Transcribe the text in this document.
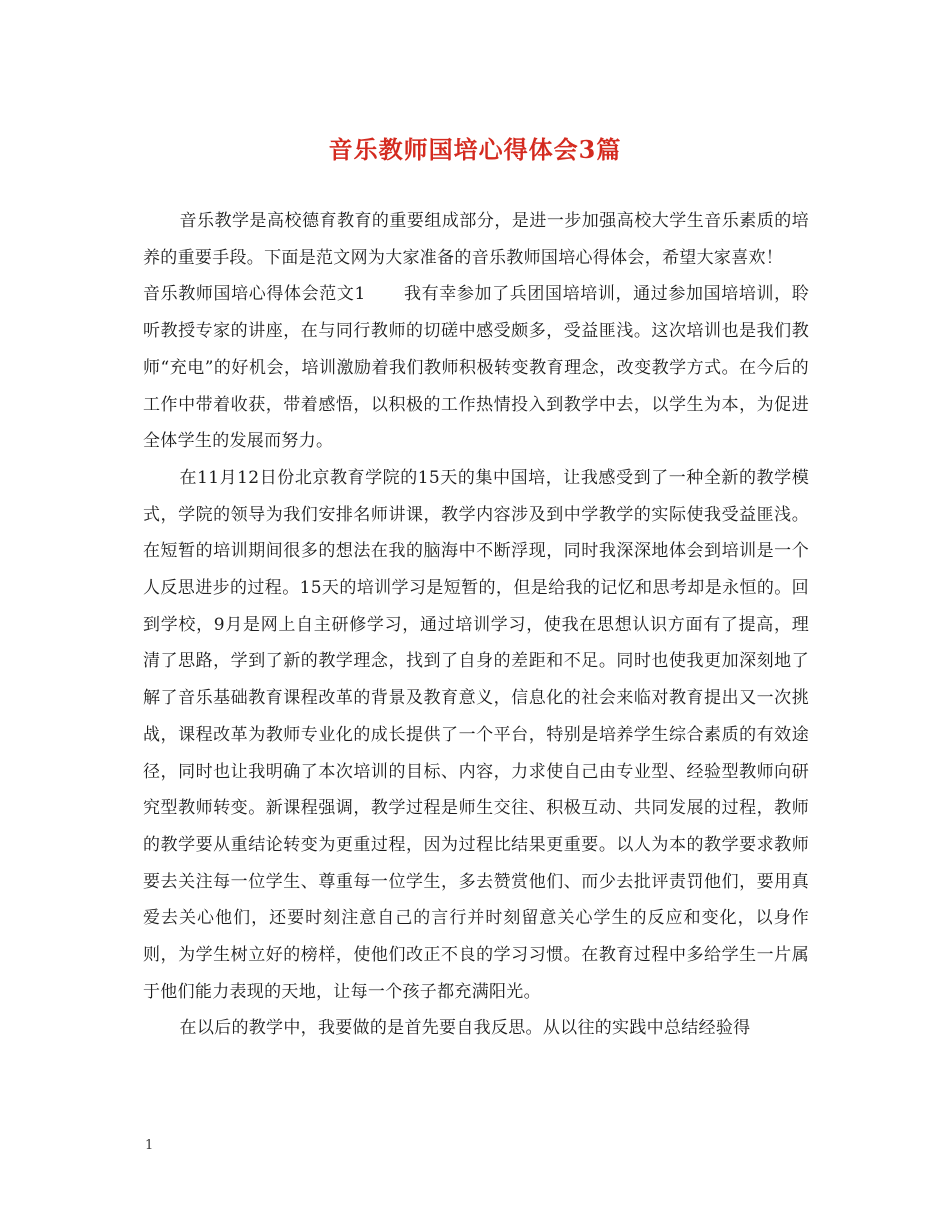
音乐教师国培心得体会3篇

音乐教学是高校德育教育的重要组成部分，是进一步加强高校大学生音乐素质的培养的重要手段。下面是范文网为大家准备的音乐教师国培心得体会，希望大家喜欢！

音乐教师国培心得体会范文1 我有幸参加了兵团国培培训，通过参加国培培训，聆听教授专家的讲座，在与同行教师的切磋中感受颇多，受益匪浅。这次培训也是我们教师“充电”的好机会，培训激励着我们教师积极转变教育理念，改变教学方式。在今后的工作中带着收获，带着感悟，以积极的工作热情投入到教学中去，以学生为本，为促进全体学生的发展而努力。

在11月12日份北京教育学院的15天的集中国培，让我感受到了一种全新的教学模式，学院的领导为我们安排名师讲课，教学内容涉及到中学教学的实际使我受益匪浅。在短暂的培训期间很多的想法在我的脑海中不断浮现，同时我深深地体会到培训是一个人反思进步的过程。15天的培训学习是短暂的，但是给我的记忆和思考却是永恒的。回到学校，9月是网上自主研修学习，通过培训学习，使我在思想认识方面有了提高，理清了思路，学到了新的教学理念，找到了自身的差距和不足。同时也使我更加深刻地了解了音乐基础教育课程改革的背景及教育意义，信息化的社会来临对教育提出又一次挑战，课程改革为教师专业化的成长提供了一个平台，特别是培养学生综合素质的有效途径，同时也让我明确了本次培训的目标、内容，力求使自己由专业型、经验型教师向研究型教师转变。新课程强调，教学过程是师生交往、积极互动、共同发展的过程，教师的教学要从重结论转变为更重过程，因为过程比结果更重要。以人为本的教学要求教师要去关注每一位学生、尊重每一位学生，多去赞赏他们、而少去批评责罚他们，要用真爱去关心他们，还要时刻注意自己的言行并时刻留意关心学生的反应和变化，以身作则，为学生树立好的榜样，使他们改正不良的学习习惯。在教育过程中多给学生一片属于他们能力表现的天地，让每一个孩子都充满阳光。

在以后的教学中，我要做的是首先要自我反思。从以往的实践中总结经验得

1
